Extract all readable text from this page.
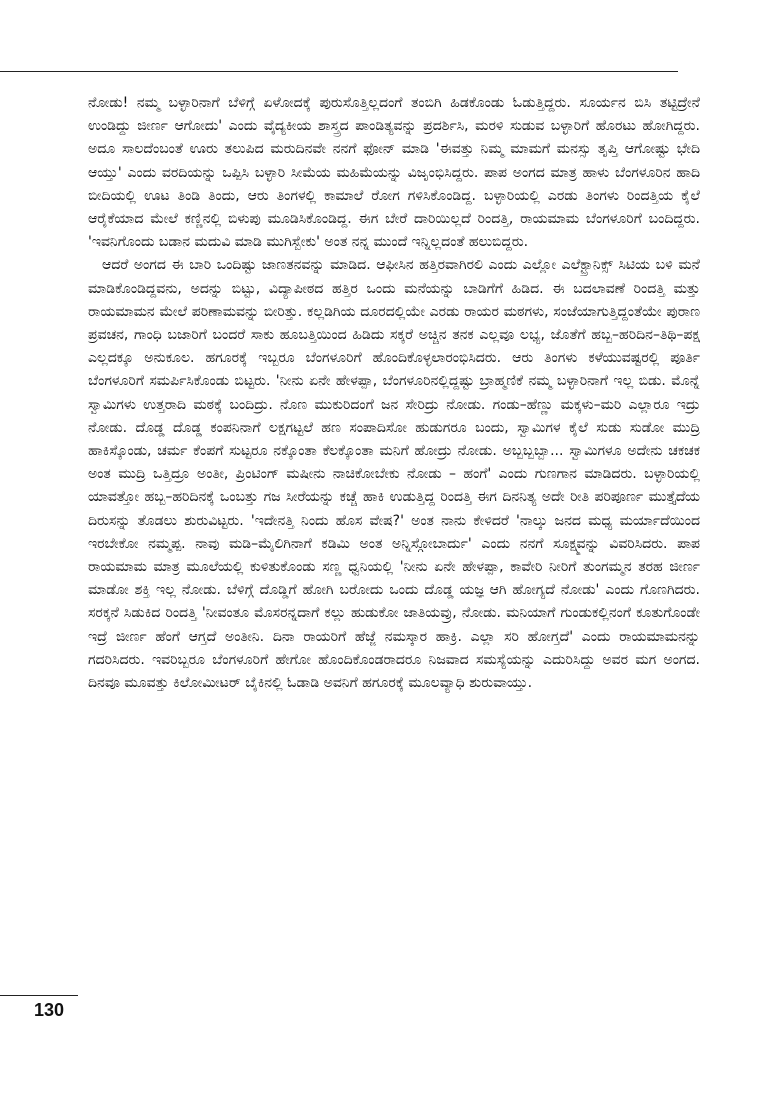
ನೋಡು! ನಮ್ಮ ಬಳ್ಳಾರಿನಾಗೆ ಬೆಳಿಗ್ಗೆ ಏಳೋದಕ್ಕೆ ಪುರುಸೊತ್ತಿಲ್ಲದಂಗೆ ತಂಬಿಗಿ ಹಿಡಕೊಂಡು ಓಡುತ್ತಿದ್ದರು. ಸೂರ್ಯನ ಬಿಸಿ ತಟ್ಟಿದ್ರೇನೆ ಉಂಡಿದ್ದು ಜೀರ್ಣ ಆಗೋದು' ಎಂದು ವೈದ್ಯಕೀಯ ಶಾಸ್ತ್ರದ ಪಾಂಡಿತ್ಯವನ್ನು ಪ್ರದರ್ಶಿಸಿ, ಮರಳಿ ಸುಡುವ ಬಳ್ಳಾರಿಗೆ ಹೊರಟು ಹೋಗಿದ್ದರು. ಅದೂ ಸಾಲದೆಂಬಂತೆ ಊರು ತಲುಪಿದ ಮರುದಿನವೇ ನನಗೆ ಫೋನ್ ಮಾಡಿ 'ಈವತ್ತು ನಿಮ್ಮ ಮಾಮಗೆ ಮನಸ್ಸು ತೃಪ್ತಿ ಆಗೋಷ್ಟು ಭೇದಿ ಆಯ್ತು' ಎಂದು ವರದಿಯನ್ನು ಒಪ್ಪಿಸಿ ಬಳ್ಳಾರಿ ಸೀಮೆಯ ಮಹಿಮೆಯನ್ನು ವಿಜೃಂಭಿಸಿದ್ದರು. ಪಾಪ ಅಂಗದ ಮಾತ್ರ ಹಾಳು ಬೆಂಗಳೂರಿನ ಹಾದಿ ಬೀದಿಯಲ್ಲಿ ಊಟ ತಿಂಡಿ ತಿಂದು, ಆರು ತಿಂಗಳಲ್ಲಿ ಕಾಮಾಲೆ ರೋಗ ಗಳಿಸಿಕೊಂಡಿದ್ದ. ಬಳ್ಳಾರಿಯಲ್ಲಿ ಎರಡು ತಿಂಗಳು ರಿಂದತ್ತಿಯ ಕೈಲೆ ಆರೈಕೆಯಾದ ಮೇಲೆ ಕಣ್ಣಿನಲ್ಲಿ ಬಿಳುಪು ಮೂಡಿಸಿಕೊಂಡಿದ್ದ. ಈಗ ಬೇರೆ ದಾರಿಯಿಲ್ಲದೆ ರಿಂದತ್ತಿ, ರಾಯಮಾಮ ಬೆಂಗಳೂರಿಗೆ ಬಂದಿದ್ದರು. 'ಇವನಿಗೊಂದು ಬಡಾನ ಮದುವಿ ಮಾಡಿ ಮುಗಿಸ್ಬೇಕು' ಅಂತ ನನ್ನ ಮುಂದೆ ಇನ್ನಿಲ್ಲದಂತೆ ಹಲುಬಿದ್ದರು.

ಆದರೆ ಅಂಗದ ಈ ಬಾರಿ ಒಂದಿಷ್ಟು ಜಾಣತನವನ್ನು ಮಾಡಿದ. ಆಫೀಸಿನ ಹತ್ತಿರವಾಗಿರಲಿ ಎಂದು ಎಲ್ಲೋ ಎಲೆಕ್ಟ್ರಾನಿಕ್ಸ್ ಸಿಟಿಯ ಬಳಿ ಮನೆ ಮಾಡಿಕೊಂಡಿದ್ದವನು, ಅದನ್ನು ಬಿಟ್ಟು, ವಿದ್ಯಾಪೀಠದ ಹತ್ತಿರ ಒಂದು ಮನೆಯನ್ನು ಬಾಡಿಗೆಗೆ ಹಿಡಿದ. ಈ ಬದಲಾವಣೆ ರಿಂದತ್ತಿ ಮತ್ತು ರಾಯಮಾಮನ ಮೇಲೆ ಪರಿಣಾಮವನ್ನು ಬೀರಿತ್ತು. ಕಲ್ಲಡಿಗಿಯ ದೂರದಲ್ಲಿಯೇ ಎರಡು ರಾಯರ ಮಠಗಳು, ಸಂಜೆಯಾಗುತ್ತಿದ್ದಂತೆಯೇ ಪುರಾಣ ಪ್ರವಚನ, ಗಾಂಧಿ ಬಜಾರಿಗೆ ಬಂದರೆ ಸಾಕು ಹೂಬತ್ತಿಯಿಂದ ಹಿಡಿದು ಸಕ್ಕರೆ ಅಚ್ಚಿನ ತನಕ ಎಲ್ಲವೂ ಲಭ್ಯ, ಜೊತೆಗೆ ಹಬ್ಬ–ಹರಿದಿನ–ತಿಥಿ–ಪಕ್ಷ ಎಲ್ಲದಕ್ಕೂ ಅನುಕೂಲ. ಹಗೂರಕ್ಕೆ ಇಬ್ಬರೂ ಬೆಂಗಳೂರಿಗೆ ಹೊಂದಿಕೊಳ್ಳಲಾರಂಭಿಸಿದರು. ಆರು ತಿಂಗಳು ಕಳೆಯುವಷ್ಟರಲ್ಲಿ ಪೂರ್ತಿ ಬೆಂಗಳೂರಿಗೆ ಸಮರ್ಪಿಸಿಕೊಂಡು ಬಿಟ್ಟರು. 'ನೀನು ಏನೇ ಹೇಳಪ್ಪಾ, ಬೆಂಗಳೂರಿನಲ್ಲಿದ್ದಷ್ಟು ಬ್ರಾಹ್ಮಣಿಕೆ ನಮ್ಮ ಬಳ್ಳಾರಿನಾಗೆ ಇಲ್ಲ ಬಿಡು. ಮೊನ್ನೆ ಸ್ವಾಮಿಗಳು ಉತ್ತರಾದಿ ಮಠಕ್ಕೆ ಬಂದಿದ್ರು. ನೊಣ ಮುಕುರಿದಂಗೆ ಜನ ಸೇರಿದ್ರು ನೋಡು. ಗಂಡು–ಹೆಣ್ಣು ಮಕ್ಕಳು–ಮರಿ ಎಲ್ಲಾರೂ ಇದ್ರು ನೋಡು. ದೊಡ್ಡ ದೊಡ್ಡ ಕಂಪನಿನಾಗೆ ಲಕ್ಷಗಟ್ಟಲೆ ಹಣ ಸಂಪಾದಿಸೋ ಹುಡುಗರೂ ಬಂದು, ಸ್ವಾಮಿಗಳ ಕೈಲೆ ಸುಡು ಸುಡೋ ಮುದ್ರಿ ಹಾಕಿಸ್ಕೊಂಡು, ಚರ್ಮ ಕೆಂಪಗೆ ಸುಟ್ಟರೂ ನಕ್ಕೊಂತಾ ಕೆಲಕ್ಕೊಂತಾ ಮನಿಗೆ ಹೋದ್ರು ನೋಡು. ಅಬ್ಬಬ್ಬಬ್ಬಾ... ಸ್ವಾಮಿಗಳೂ ಅದೇನು ಚಕಚಕ ಅಂತ ಮುದ್ರಿ ಒತ್ತಿದ್ರೂ ಅಂತೀ, ಪ್ರಿಂಟಿಂಗ್ ಮಷೀನು ನಾಚಿಕೋಬೇಕು ನೋಡು – ಹಂಗೆ' ಎಂದು ಗುಣಗಾನ ಮಾಡಿದರು. ಬಳ್ಳಾರಿಯಲ್ಲಿ ಯಾವತ್ತೋ ಹಬ್ಬ–ಹರಿದಿನಕ್ಕೆ ಒಂಬತ್ತು ಗಜ ಸೀರೆಯನ್ನು ಕಚ್ಚೆ ಹಾಕಿ ಉಡುತ್ತಿದ್ದ ರಿಂದತ್ತಿ ಈಗ ದಿನನಿತ್ಯ ಅದೇ ರೀತಿ ಪರಿಪೂರ್ಣ ಮುತ್ತೈದೆಯ ದಿರುಸನ್ನು ತೊಡಲು ಶುರುವಿಟ್ಟರು. 'ಇದೇನತ್ತಿ ನಿಂದು ಹೊಸ ವೇಷ?' ಅಂತ ನಾನು ಕೇಳಿದರೆ 'ನಾಲ್ಕು ಜನದ ಮಧ್ಯ ಮರ್ಯಾದೆಯಿಂದ ಇರಬೇಕೋ ನಮ್ಮಪ್ಪ. ನಾವು ಮಡಿ–ಮೈಲಿಗಿನಾಗೆ ಕಡಿಮಿ ಅಂತ ಅನ್ನಿಸ್ಗೋಬಾರ್ದು' ಎಂದು ನನಗೆ ಸೂಕ್ಷ್ಮವನ್ನು ವಿವರಿಸಿದರು. ಪಾಪ ರಾಯಮಾಮ ಮಾತ್ರ ಮೂಲೆಯಲ್ಲಿ ಕುಳಿತುಕೊಂಡು ಸಣ್ಣ ಧ್ವನಿಯಲ್ಲಿ 'ನೀನು ಏನೇ ಹೇಳಪ್ಪಾ, ಕಾವೇರಿ ನೀರಿಗೆ ತುಂಗಮ್ಮನ ತರಹ ಜೀರ್ಣ ಮಾಡೋ ಶಕ್ತಿ ಇಲ್ಲ ನೋಡು. ಬೆಳಿಗ್ಗೆ ದೊಡ್ಡಿಗೆ ಹೋಗಿ ಬರೋದು ಒಂದು ದೊಡ್ಡ ಯಜ್ಞ ಆಗಿ ಹೋಗ್ಯದೆ ನೋಡು' ಎಂದು ಗೊಣಗಿದರು. ಸರಕ್ಕನೆ ಸಿಡುಕಿದ ರಿಂದತ್ತಿ 'ನೀವಂತೂ ಮೊಸರನ್ನದಾಗೆ ಕಲ್ಲು ಹುಡುಕೋ ಜಾತಿಯವ್ರು, ನೋಡು. ಮನಿಯಾಗೆ ಗುಂಡುಕಲ್ಲಿನಂಗೆ ಕೂತುಗೊಂಡೇ ಇದ್ರೆ ಜೀರ್ಣ ಹೆಂಗೆ ಆಗ್ತದೆ ಅಂತೀನಿ. ದಿನಾ ರಾಯರಿಗೆ ಹೆಜ್ಜೆ ನಮಸ್ಕಾರ ಹಾಕ್ರಿ. ಎಲ್ಲಾ ಸರಿ ಹೋಗ್ತದೆ' ಎಂದು ರಾಯಮಾಮನನ್ನು ಗದರಿಸಿದರು. ಇವರಿಬ್ಬರೂ ಬೆಂಗಳೂರಿಗೆ ಹೇಗೋ ಹೊಂದಿಕೊಂಡರಾದರೂ ನಿಜವಾದ ಸಮಸ್ಯೆಯನ್ನು ಎದುರಿಸಿದ್ದು ಅವರ ಮಗ ಅಂಗದ. ದಿನವೂ ಮೂವತ್ತು ಕಿಲೋಮೀಟರ್ ಬೈಕಿನಲ್ಲಿ ಓಡಾಡಿ ಅವನಿಗೆ ಹಗೂರಕ್ಕೆ ಮೂಲವ್ಯಾಧಿ ಶುರುವಾಯ್ತು.

130
